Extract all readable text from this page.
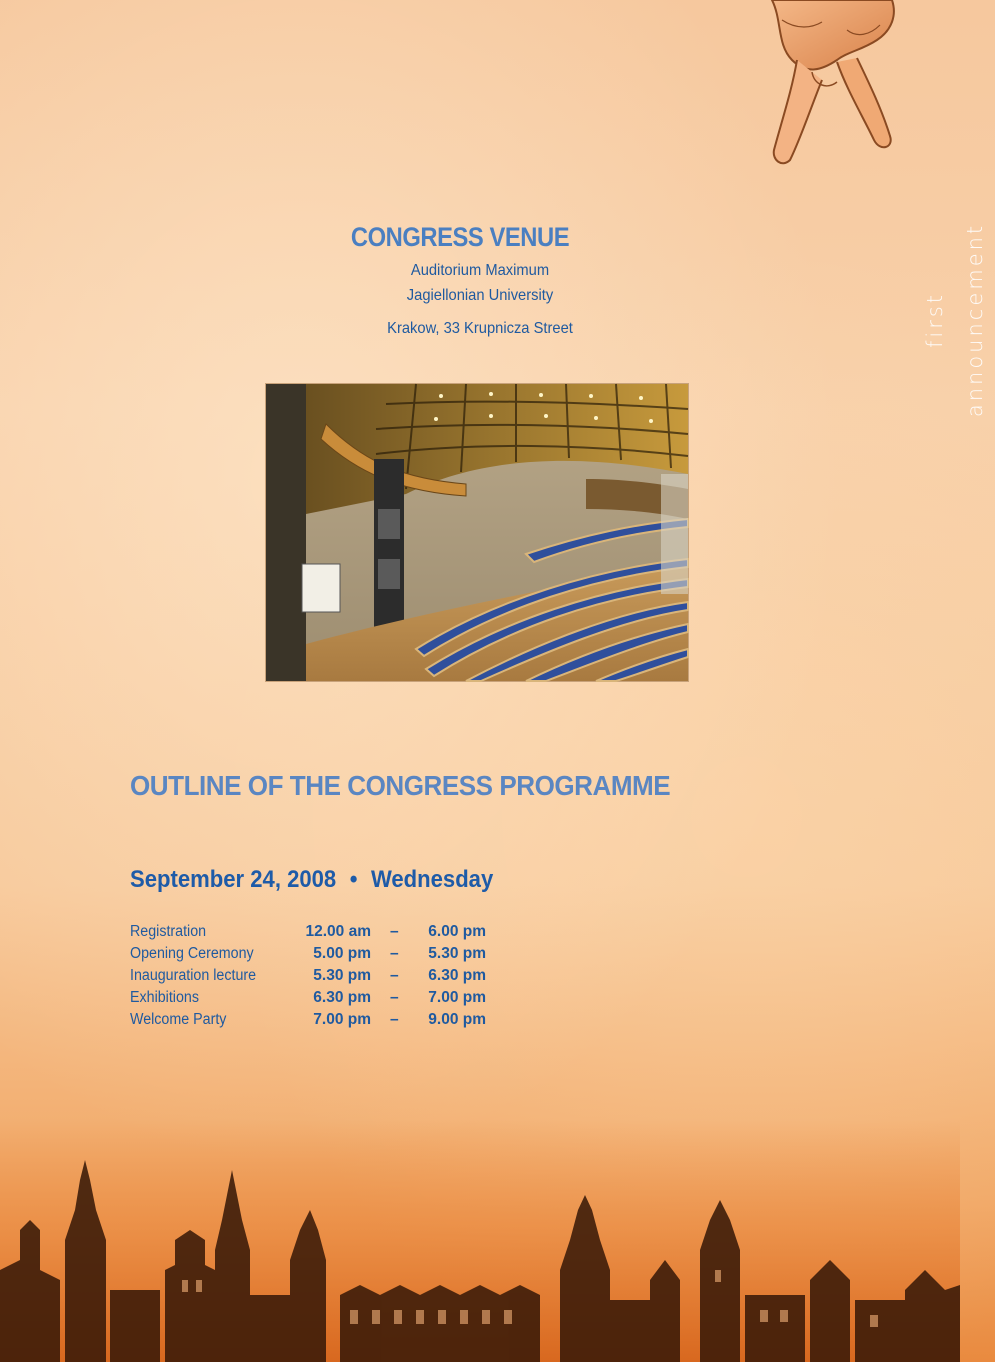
first announcement
CONGRESS VENUE
Auditorium Maximum
Jagiellonian University
Krakow, 33 Krupnicza Street
OUTLINE OF THE CONGRESS PROGRAMME
September 24, 2008 • Wednesday
Registration	12.00 am –	6.00 pm
Opening Ceremony	5.00 pm –	5.30 pm
Inauguration lecture	5.30 pm –	6.30 pm
Exhibitions	6.30 pm –	7.00 pm
Welcome Party	7.00 pm –	9.00 pm
